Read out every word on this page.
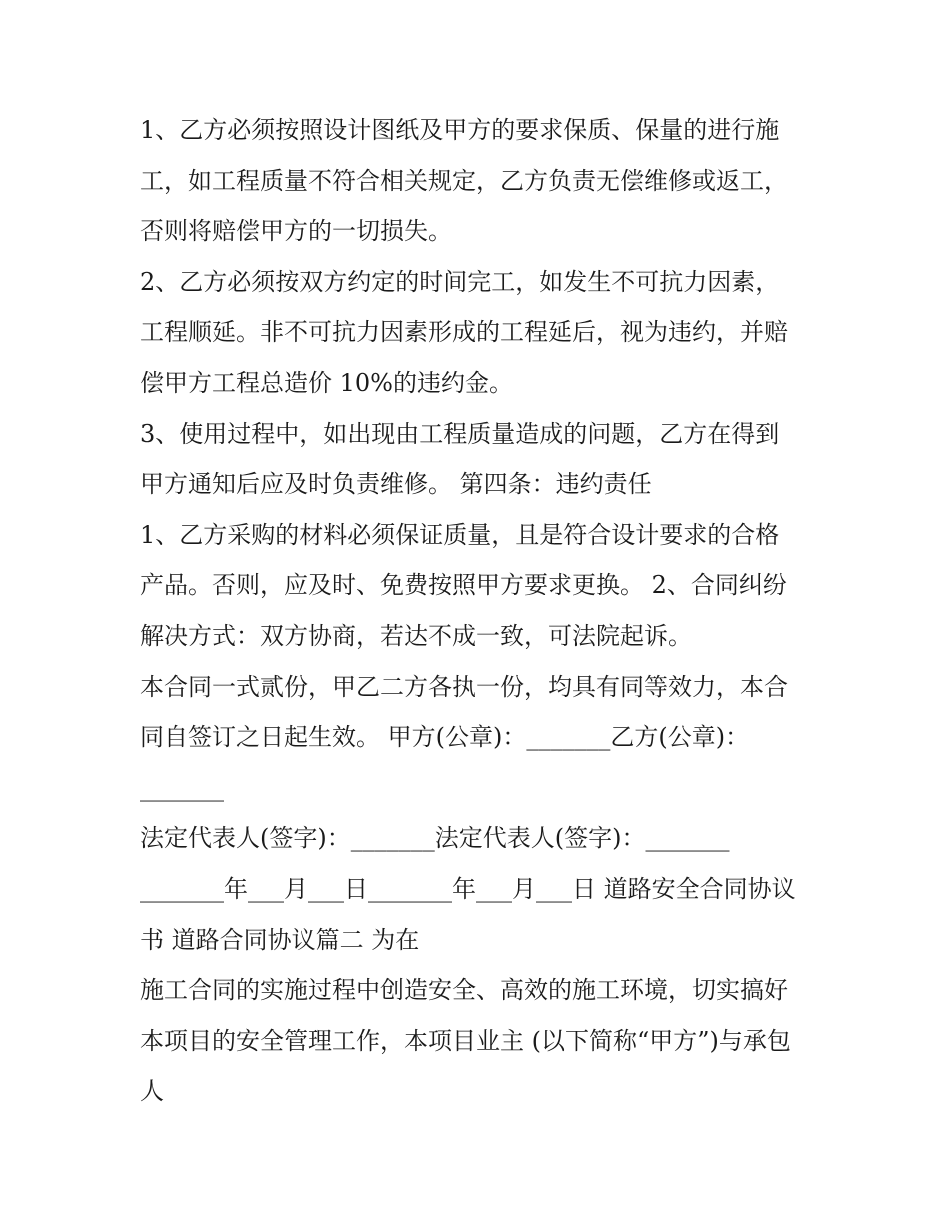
1、乙方必须按照设计图纸及甲方的要求保质、保量的进行施
工，如工程质量不符合相关规定，乙方负责无偿维修或返工，
否则将赔偿甲方的一切损失。
2、乙方必须按双方约定的时间完工，如发生不可抗力因素，
工程顺延。非不可抗力因素形成的工程延后，视为违约，并赔
偿甲方工程总造价 10%的违约金。
3、使用过程中，如出现由工程质量造成的问题，乙方在得到
甲方通知后应及时负责维修。 第四条：违约责任
1、乙方采购的材料必须保证质量，且是符合设计要求的合格
产品。否则，应及时、免费按照甲方要求更换。 2、合同纠纷
解决方式：双方协商，若达不成一致，可法院起诉。
本合同一式贰份，甲乙二方各执一份，均具有同等效力，本合
同自签订之日起生效。 甲方(公章)：_______乙方(公章)：
_______
法定代表人(签字)：_______法定代表人(签字)：_______
_______年___月___日_______年___月___日 道路安全合同协议
书 道路合同协议篇二 为在
施工合同的实施过程中创造安全、高效的施工环境，切实搞好
本项目的安全管理工作，本项目业主 (以下简称“甲方”)与承包
人
